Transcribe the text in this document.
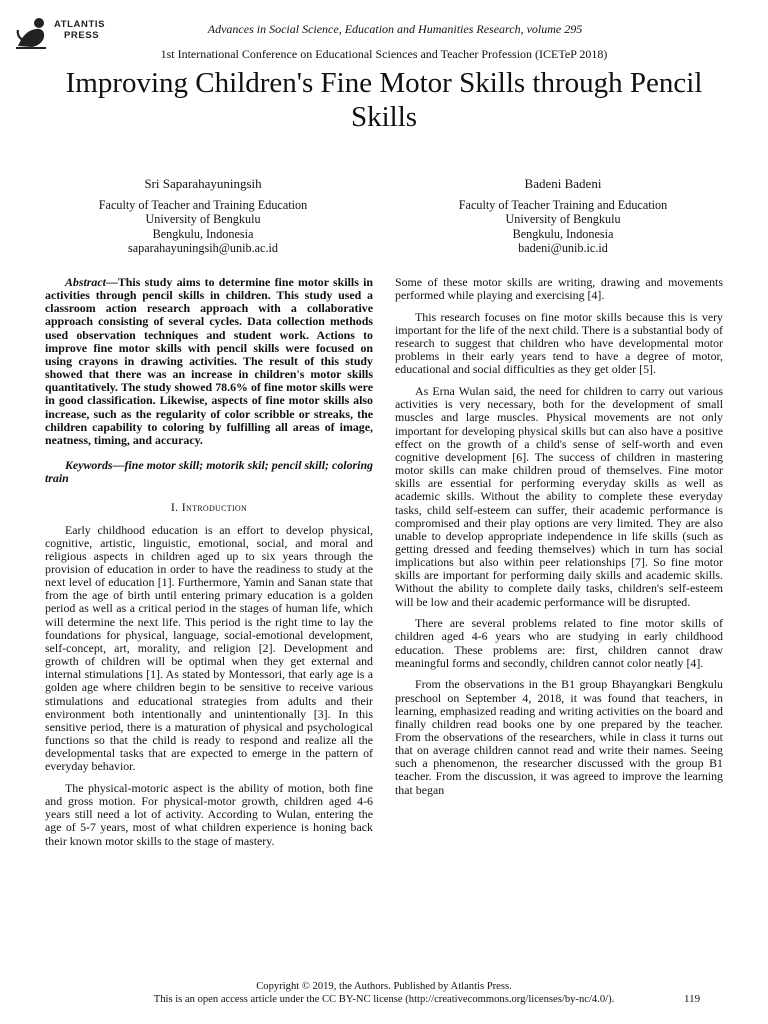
ATLANTIS
PRESS	Advances in Social Science, Education and Humanities Research, volume 295
1st International Conference on Educational Sciences and Teacher Profession (ICETeP 2018)
Improving Children's Fine Motor Skills through Pencil Skills
Sri Saparahayuningsih
Faculty of Teacher and Training Education
University of Bengkulu
Bengkulu, Indonesia
saparahayuningsih@unib.ac.id
Badeni Badeni
Faculty of Teacher Training and Education
University of Bengkulu
Bengkulu, Indonesia
badeni@unib.ic.id

Abstract—This study aims to determine fine motor skills in activities through pencil skills in children. This study used a classroom action research approach with a collaborative approach consisting of several cycles. Data collection methods used observation techniques and student work. Actions to improve fine motor skills with pencil skills were focused on using crayons in drawing activities. The result of this study showed that there was an increase in children's motor skills quantitatively. The study showed 78.6% of fine motor skills were in good classification. Likewise, aspects of fine motor skills also increase, such as the regularity of color scribble or streaks, the children capability to coloring by fulfilling all areas of image, neatness, timing, and accuracy.

Keywords—fine motor skill; motorik skil; pencil skill; coloring train

I. Introduction

Early childhood education is an effort to develop physical, cognitive, artistic, linguistic, emotional, social, and moral and religious aspects in children aged up to six years through the provision of education in order to have the readiness to study at the next level of education [1]. Furthermore, Yamin and Sanan state that from the age of birth until entering primary education is a golden period as well as a critical period in the stages of human life, which will determine the next life. This period is the right time to lay the foundations for physical, language, social-emotional development, self-concept, art, morality, and religion [2]. Development and growth of children will be optimal when they get external and internal stimulations [1]. As stated by Montessori, that early age is a golden age where children begin to be sensitive to receive various stimulations and educational strategies from adults and their environment both intentionally and unintentionally [3]. In this sensitive period, there is a maturation of physical and psychological functions so that the child is ready to respond and realize all the developmental tasks that are expected to emerge in the pattern of everyday behavior.

The physical-motoric aspect is the ability of motion, both fine and gross motion. For physical-motor growth, children aged 4-6 years still need a lot of activity. According to Wulan, entering the age of 5-7 years, most of what children experience is honing back their known motor skills to the stage of mastery.

Some of these motor skills are writing, drawing and movements performed while playing and exercising [4].

This research focuses on fine motor skills because this is very important for the life of the next child. There is a substantial body of research to suggest that children who have developmental motor problems in their early years tend to have a degree of motor, educational and social difficulties as they get older [5].

As Erna Wulan said, the need for children to carry out various activities is very necessary, both for the development of small muscles and large muscles. Physical movements are not only important for developing physical skills but can also have a positive effect on the growth of a child's sense of self-worth and even cognitive development [6]. The success of children in mastering motor skills can make children proud of themselves. Fine motor skills are essential for performing everyday skills as well as academic skills. Without the ability to complete these everyday tasks, child self-esteem can suffer, their academic performance is compromised and their play options are very limited. They are also unable to develop appropriate independence in life skills (such as getting dressed and feeding themselves) which in turn has social implications but also within peer relationships [7]. So fine motor skills are important for performing daily skills and academic skills. Without the ability to complete daily tasks, children's self-esteem will be low and their academic performance will be disrupted.

There are several problems related to fine motor skills of children aged 4-6 years who are studying in early childhood education. These problems are: first, children cannot draw meaningful forms and secondly, children cannot color neatly [4].

From the observations in the B1 group Bhayangkari Bengkulu preschool on September 4, 2018, it was found that teachers, in learning, emphasized reading and writing activities on the board and finally children read books one by one prepared by the teacher. From the observations of the researchers, while in class it turns out that on average children cannot read and write their names. Seeing such a phenomenon, the researcher discussed with the group B1 teacher. From the discussion, it was agreed to improve the learning that began

Copyright © 2019, the Authors. Published by Atlantis Press.
This is an open access article under the CC BY-NC license (http://creativecommons.org/licenses/by-nc/4.0/).	119
